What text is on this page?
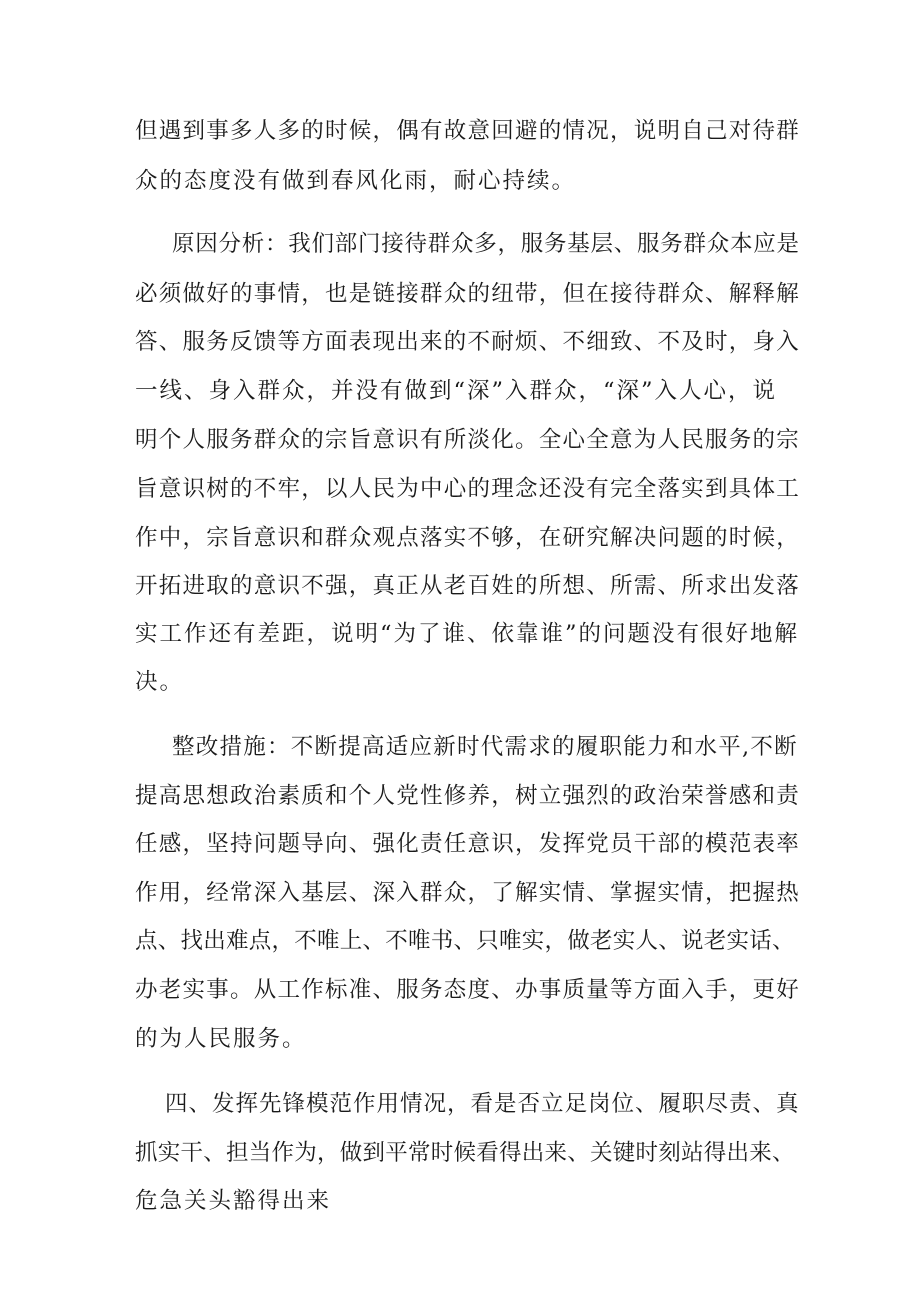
但遇到事多人多的时候，偶有故意回避的情况，说明自己对待群
众的态度没有做到春风化雨，耐心持续。
原因分析：我们部门接待群众多，服务基层、服务群众本应是
必须做好的事情，也是链接群众的纽带，但在接待群众、解释解
答、服务反馈等方面表现出来的不耐烦、不细致、不及时，身入
一线、身入群众，并没有做到“深”入群众，“深”入人心，说
明个人服务群众的宗旨意识有所淡化。全心全意为人民服务的宗
旨意识树的不牢，以人民为中心的理念还没有完全落实到具体工
作中，宗旨意识和群众观点落实不够，在研究解决问题的时候，
开拓进取的意识不强，真正从老百姓的所想、所需、所求出发落
实工作还有差距，说明“为了谁、依靠谁”的问题没有很好地解
决。
整改措施：不断提高适应新时代需求的履职能力和水平,不断
提高思想政治素质和个人党性修养，树立强烈的政治荣誉感和责
任感，坚持问题导向、强化责任意识，发挥党员干部的模范表率
作用，经常深入基层、深入群众，了解实情、掌握实情，把握热
点、找出难点，不唯上、不唯书、只唯实，做老实人、说老实话、
办老实事。从工作标准、服务态度、办事质量等方面入手，更好
的为人民服务。
四、发挥先锋模范作用情况，看是否立足岗位、履职尽责、真
抓实干、担当作为，做到平常时候看得出来、关键时刻站得出来、
危急关头豁得出来
